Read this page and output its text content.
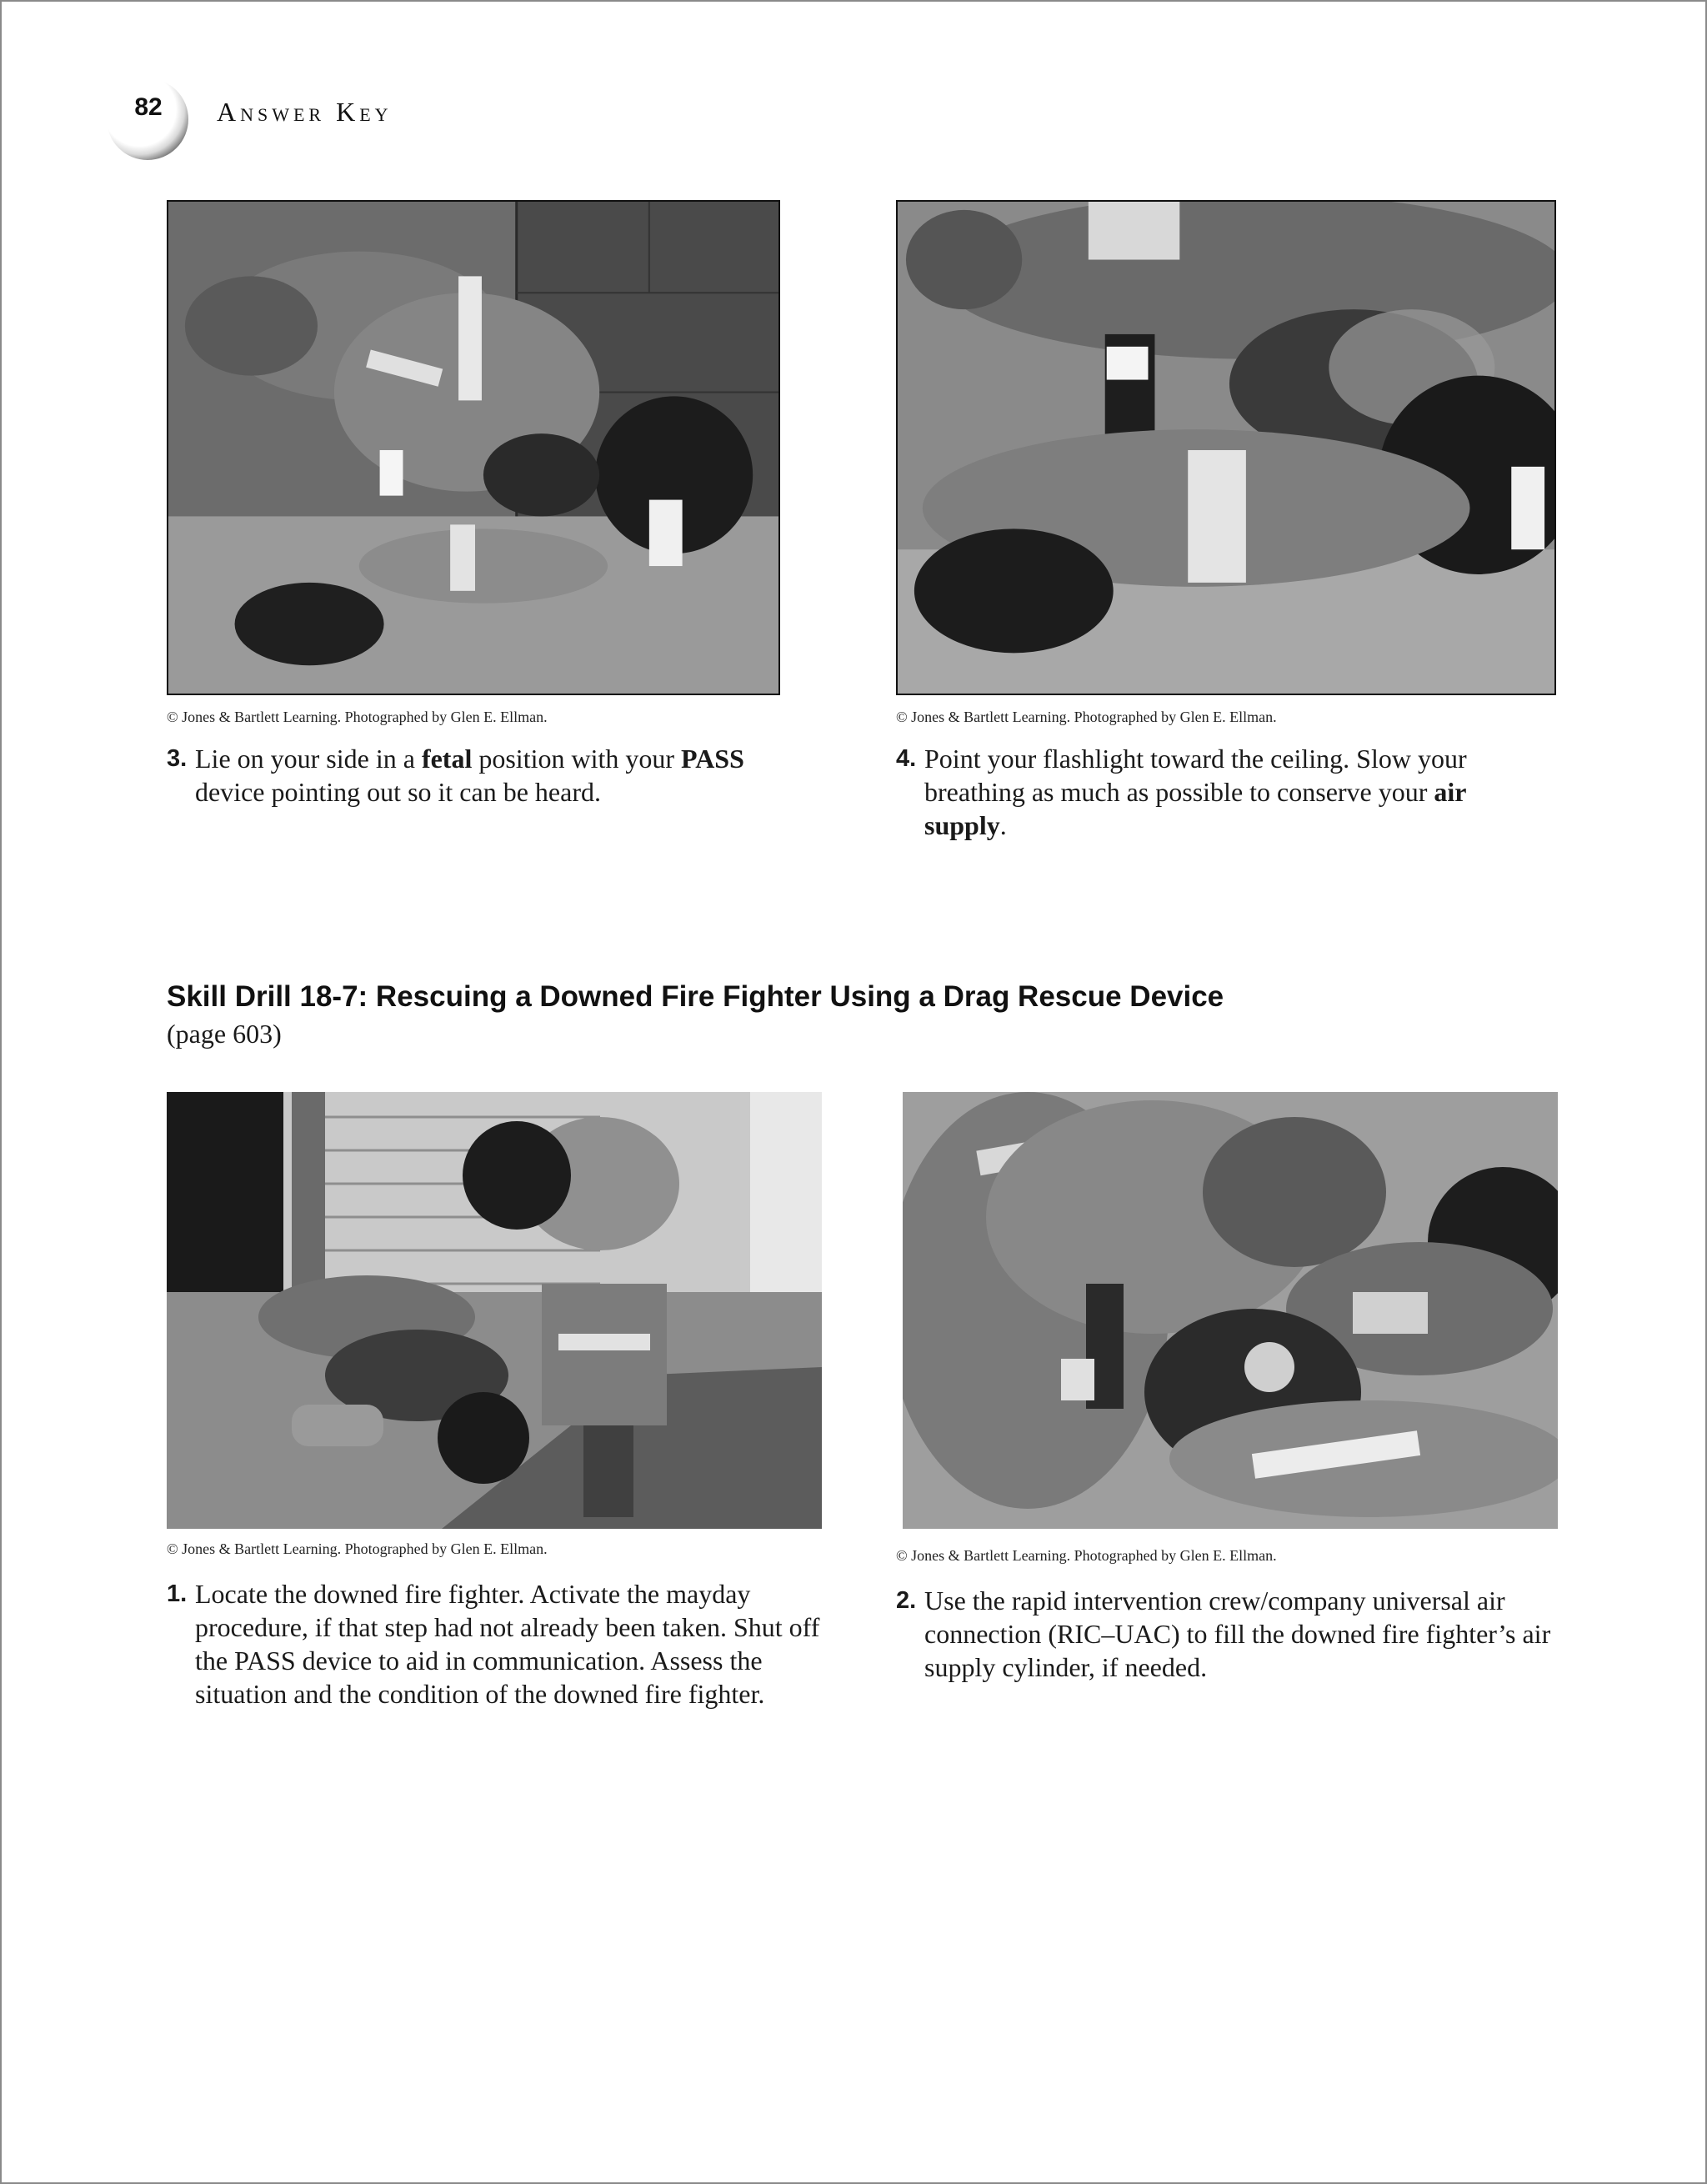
82	Answer Key
© Jones & Bartlett Learning. Photographed by Glen E. Ellman.
3. Lie on your side in a fetal position with your PASS device pointing out so it can be heard.
© Jones & Bartlett Learning. Photographed by Glen E. Ellman.
4. Point your flashlight toward the ceiling. Slow your breathing as much as possible to conserve your air supply.
Skill Drill 18-7: Rescuing a Downed Fire Fighter Using a Drag Rescue Device
(page 603)
© Jones & Bartlett Learning. Photographed by Glen E. Ellman.
1. Locate the downed fire fighter. Activate the mayday procedure, if that step had not already been taken. Shut off the PASS device to aid in communication. Assess the situation and the condition of the downed fire fighter.
© Jones & Bartlett Learning. Photographed by Glen E. Ellman.
2. Use the rapid intervention crew/company universal air connection (RIC–UAC) to fill the downed fire fighter’s air supply cylinder, if needed.
